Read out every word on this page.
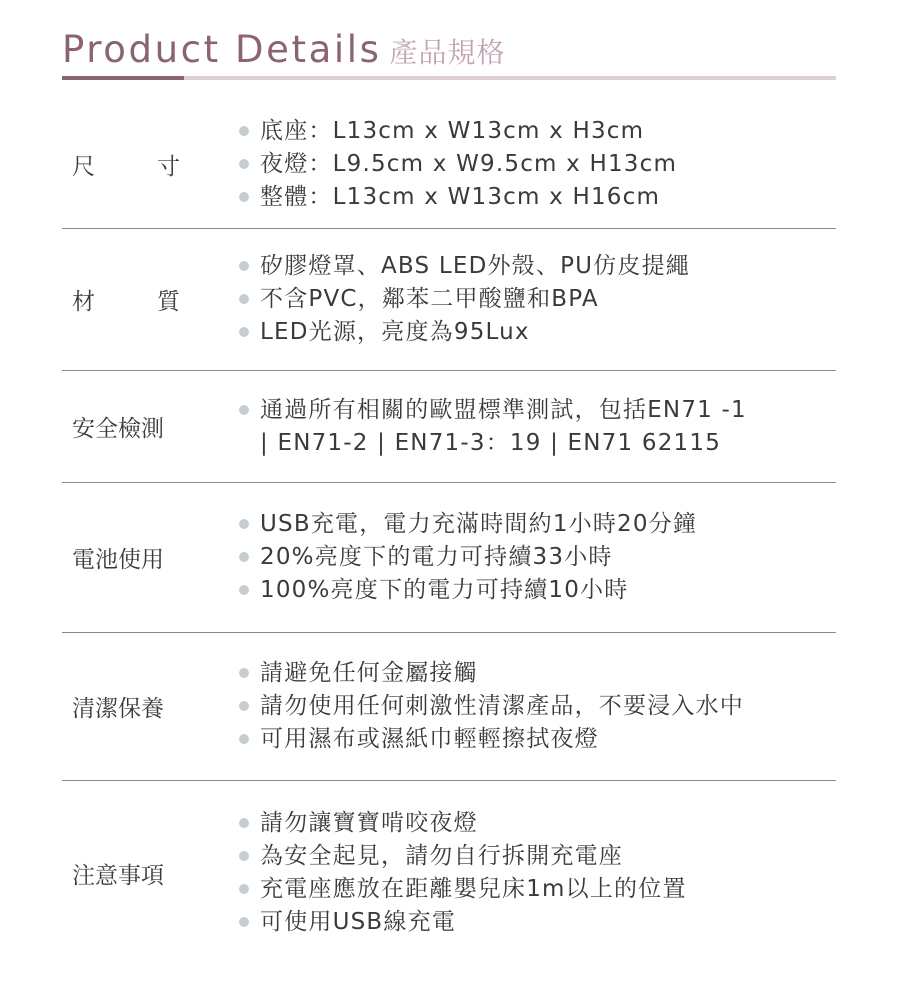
Product Details 產品規格
尺	寸
底座：L13cm x W13cm x H3cm
夜燈：L9.5cm x W9.5cm x H13cm
整體：L13cm x W13cm x H16cm
材	質
矽膠燈罩、ABS LED外殼、PU仿皮提繩
不含PVC，鄰苯二甲酸鹽和BPA
LED光源，亮度為95Lux
安全檢測
通過所有相關的歐盟標準測試，包括EN71 -1
| EN71-2 | EN71-3：19 | EN71 62115
電池使用
USB充電，電力充滿時間約1小時20分鐘
20%亮度下的電力可持續33小時
100%亮度下的電力可持續10小時
清潔保養
請避免任何金屬接觸
請勿使用任何刺激性清潔產品，不要浸入水中
可用濕布或濕紙巾輕輕擦拭夜燈
注意事項
請勿讓寶寶啃咬夜燈
為安全起見，請勿自行拆開充電座
充電座應放在距離嬰兒床1m以上的位置
可使用USB線充電
